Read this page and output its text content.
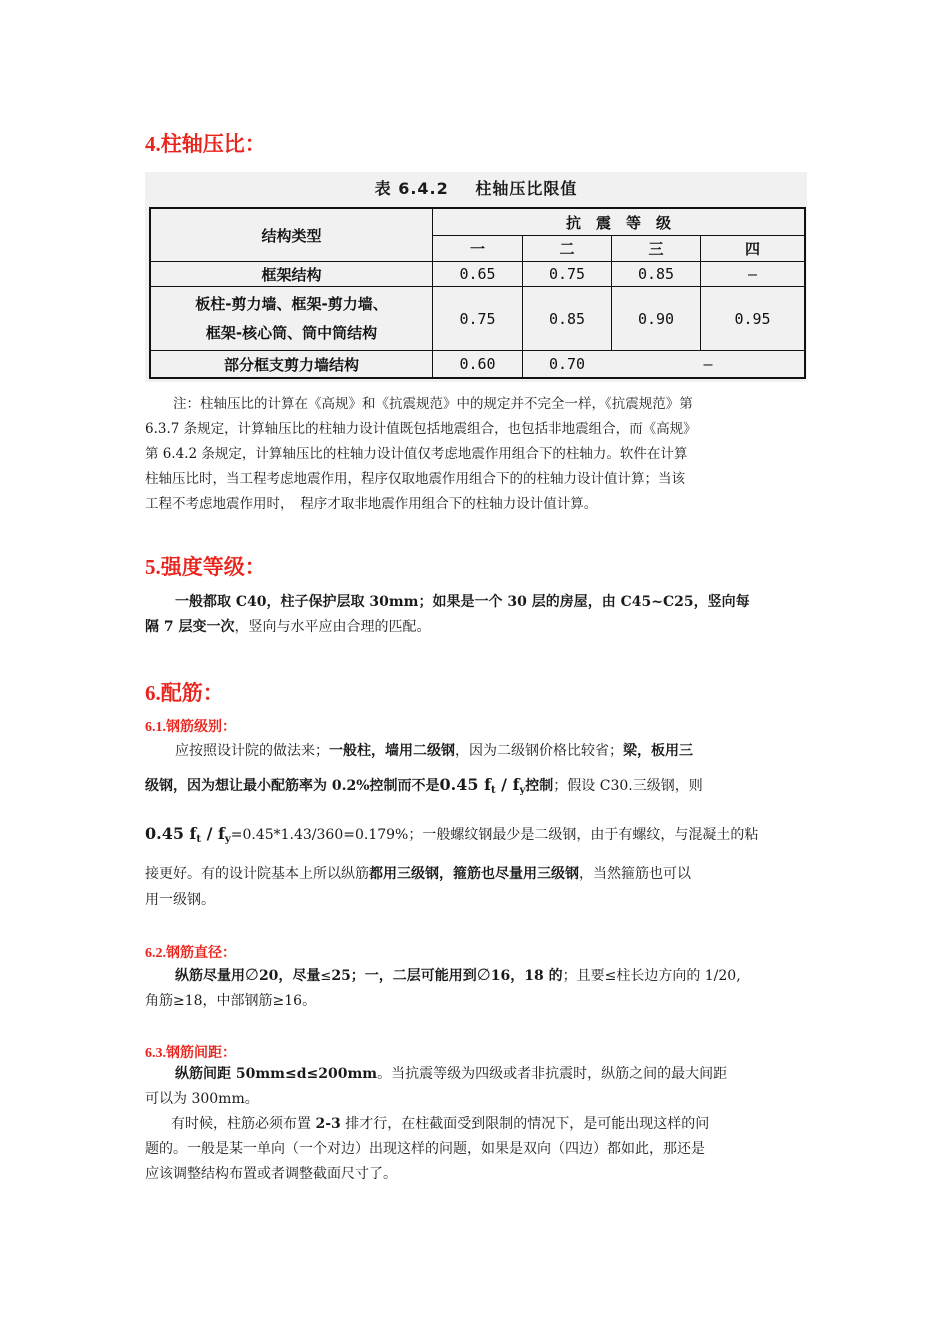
4.柱轴压比：
表 6.4.2 柱轴压比限值
结构类型
抗　震　等　级
一	二	三	四
框架结构	0.65	0.75	0.85	—
板柱-剪力墙、框架-剪力墙、
框架-核心筒、筒中筒结构
0.75	0.85	0.90	0.95
部分框支剪力墙结构	0.60	0.70	—
注：柱轴压比的计算在《高规》和《抗震规范》中的规定并不完全一样，《抗震规范》第
6.3.7 条规定，计算轴压比的柱轴力设计值既包括地震组合，也包括非地震组合，而《高规》
第 6.4.2 条规定，计算轴压比的柱轴力设计值仅考虑地震作用组合下的柱轴力。软件在计算
柱轴压比时，当工程考虑地震作用，程序仅取地震作用组合下的的柱轴力设计值计算；当该
工程不考虑地震作用时，　程序才取非地震作用组合下的柱轴力设计值计算。
5.强度等级：
一般都取 C40，柱子保护层取 30mm；如果是一个 30 层的房屋，由 C45~C25，竖向每
隔 7 层变一次，竖向与水平应由合理的匹配。
6.配筋：
6.1.钢筋级别：
应按照设计院的做法来；一般柱，墙用二级钢，因为二级钢价格比较省；梁，板用三
级钢，因为想让最小配筋率为 0.2%控制而不是0.45 $f_t / f_y$控制；假设 C30.三级钢，则
0.45 $f_t / f_y=0.45*1.43/360=0.179\%$；一般螺纹钢最少是二级钢，由于有螺纹，与混凝土的粘
接更好。有的设计院基本上所以纵筋都用三级钢，箍筋也尽量用三级钢，当然箍筋也可以
用一级钢。
6.2.钢筋直径：
纵筋尽量用∅20，尽量≤25；一，二层可能用到∅16，18 的；且要≤柱长边方向的 1/20,
角筋≥18，中部钢筋≥16。
6.3.钢筋间距：
纵筋间距 50mm≤d≤200mm。当抗震等级为四级或者非抗震时，纵筋之间的最大间距
可以为 300mm。
有时候，柱筋必须布置 2-3 排才行，在柱截面受到限制的情况下，是可能出现这样的问
题的。一般是某一单向（一个对边）出现这样的问题，如果是双向（四边）都如此，那还是
应该调整结构布置或者调整截面尺寸了。
